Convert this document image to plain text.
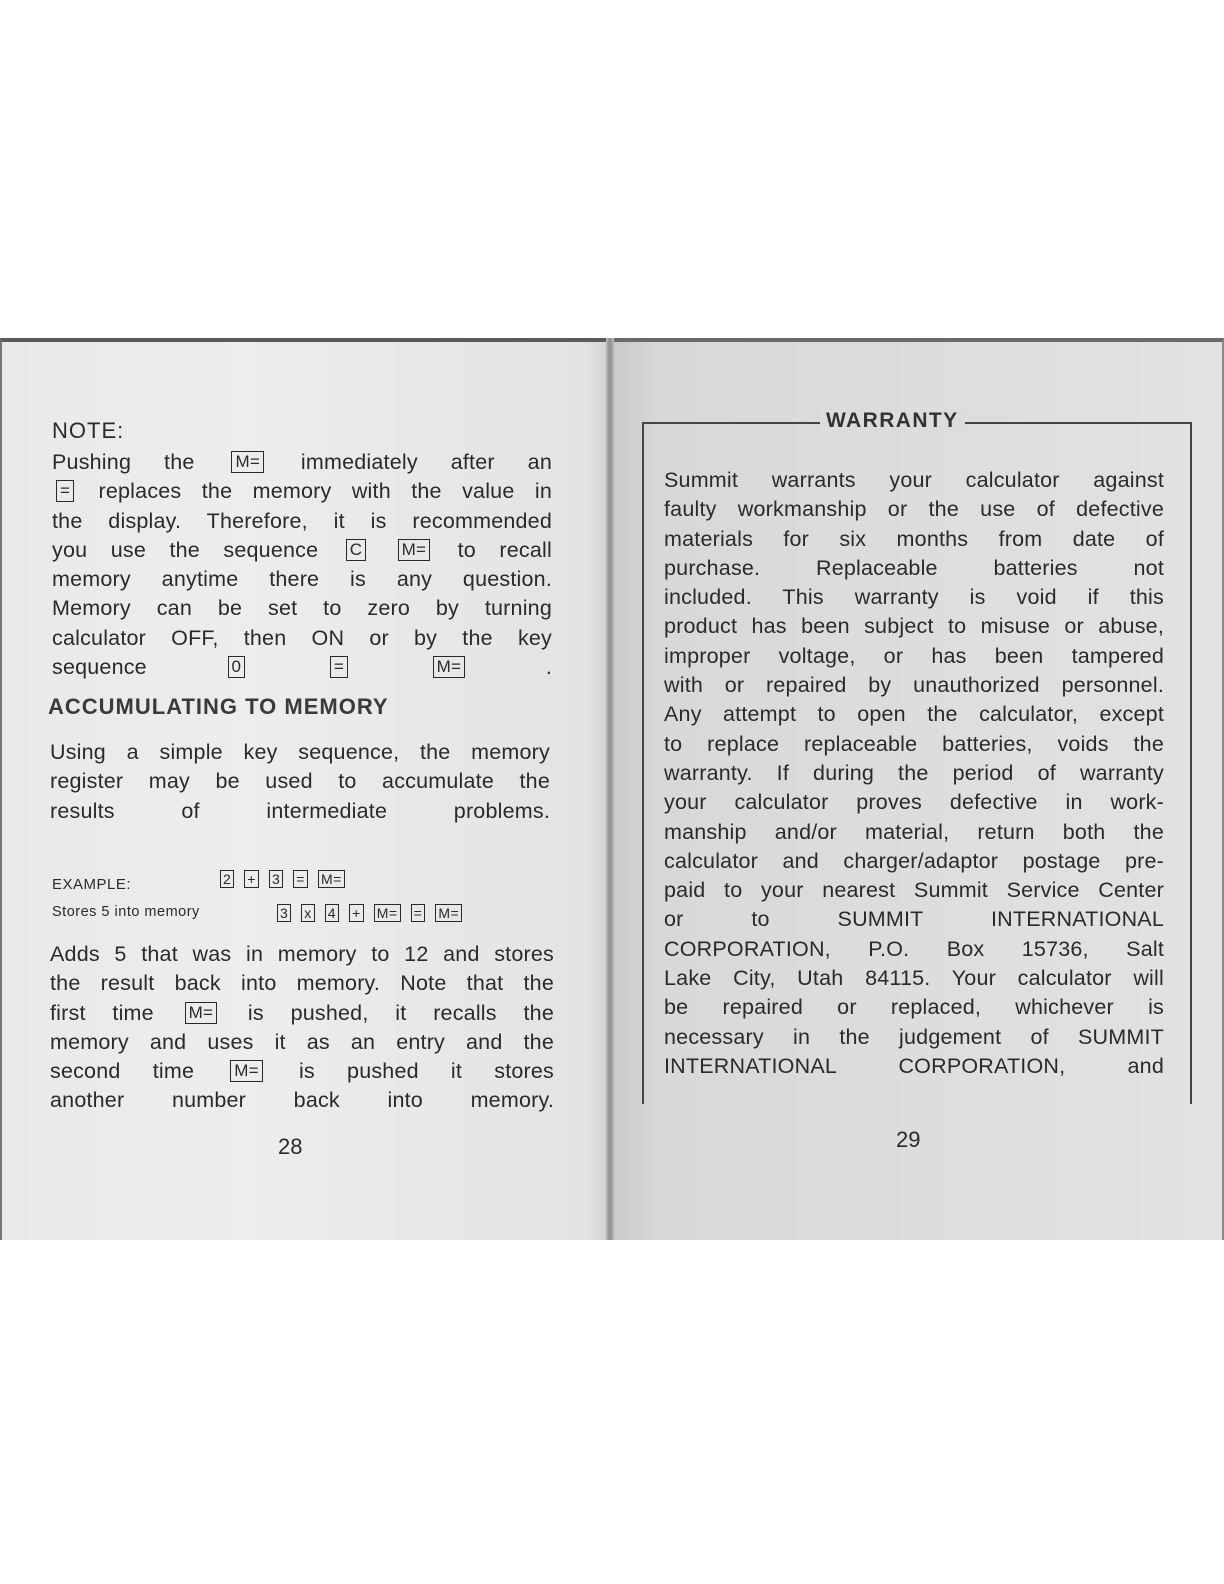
NOTE:
Pushing the M= immediately after an
= replaces the memory with the value in
the display. Therefore, it is recommended
you use the sequence C M= to recall
memory anytime there is any question.
Memory can be set to zero by turning
calculator OFF, then ON or by the key
sequence 0	=	M= .
ACCUMULATING TO MEMORY
Using a simple key sequence, the memory
register may be used to accumulate the
results of intermediate problems.
EXAMPLE:	2 + 3 = M=
Stores 5 into memory	3 x 4 + M= = M=
Adds 5 that was in memory to 12 and stores
the result back into memory. Note that the
first time M= is pushed, it recalls the
memory and uses it as an entry and the
second time M= is pushed it stores
another number back into memory.
28
WARRANTY
Summit warrants your calculator against
faulty workmanship or the use of defective
materials for six months from date of
purchase. Replaceable batteries not
included. This warranty is void if this
product has been subject to misuse or abuse,
improper voltage, or has been tampered
with or repaired by unauthorized personnel.
Any attempt to open the calculator, except
to replace replaceable batteries, voids the
warranty. If during the period of warranty
your calculator proves defective in work-
manship and/or material, return both the
calculator and charger/adaptor postage pre-
paid to your nearest Summit Service Center
or to SUMMIT INTERNATIONAL
CORPORATION, P.O. Box 15736, Salt
Lake City, Utah 84115. Your calculator will
be repaired or replaced, whichever is
necessary in the judgement of SUMMIT
INTERNATIONAL CORPORATION, and
29
